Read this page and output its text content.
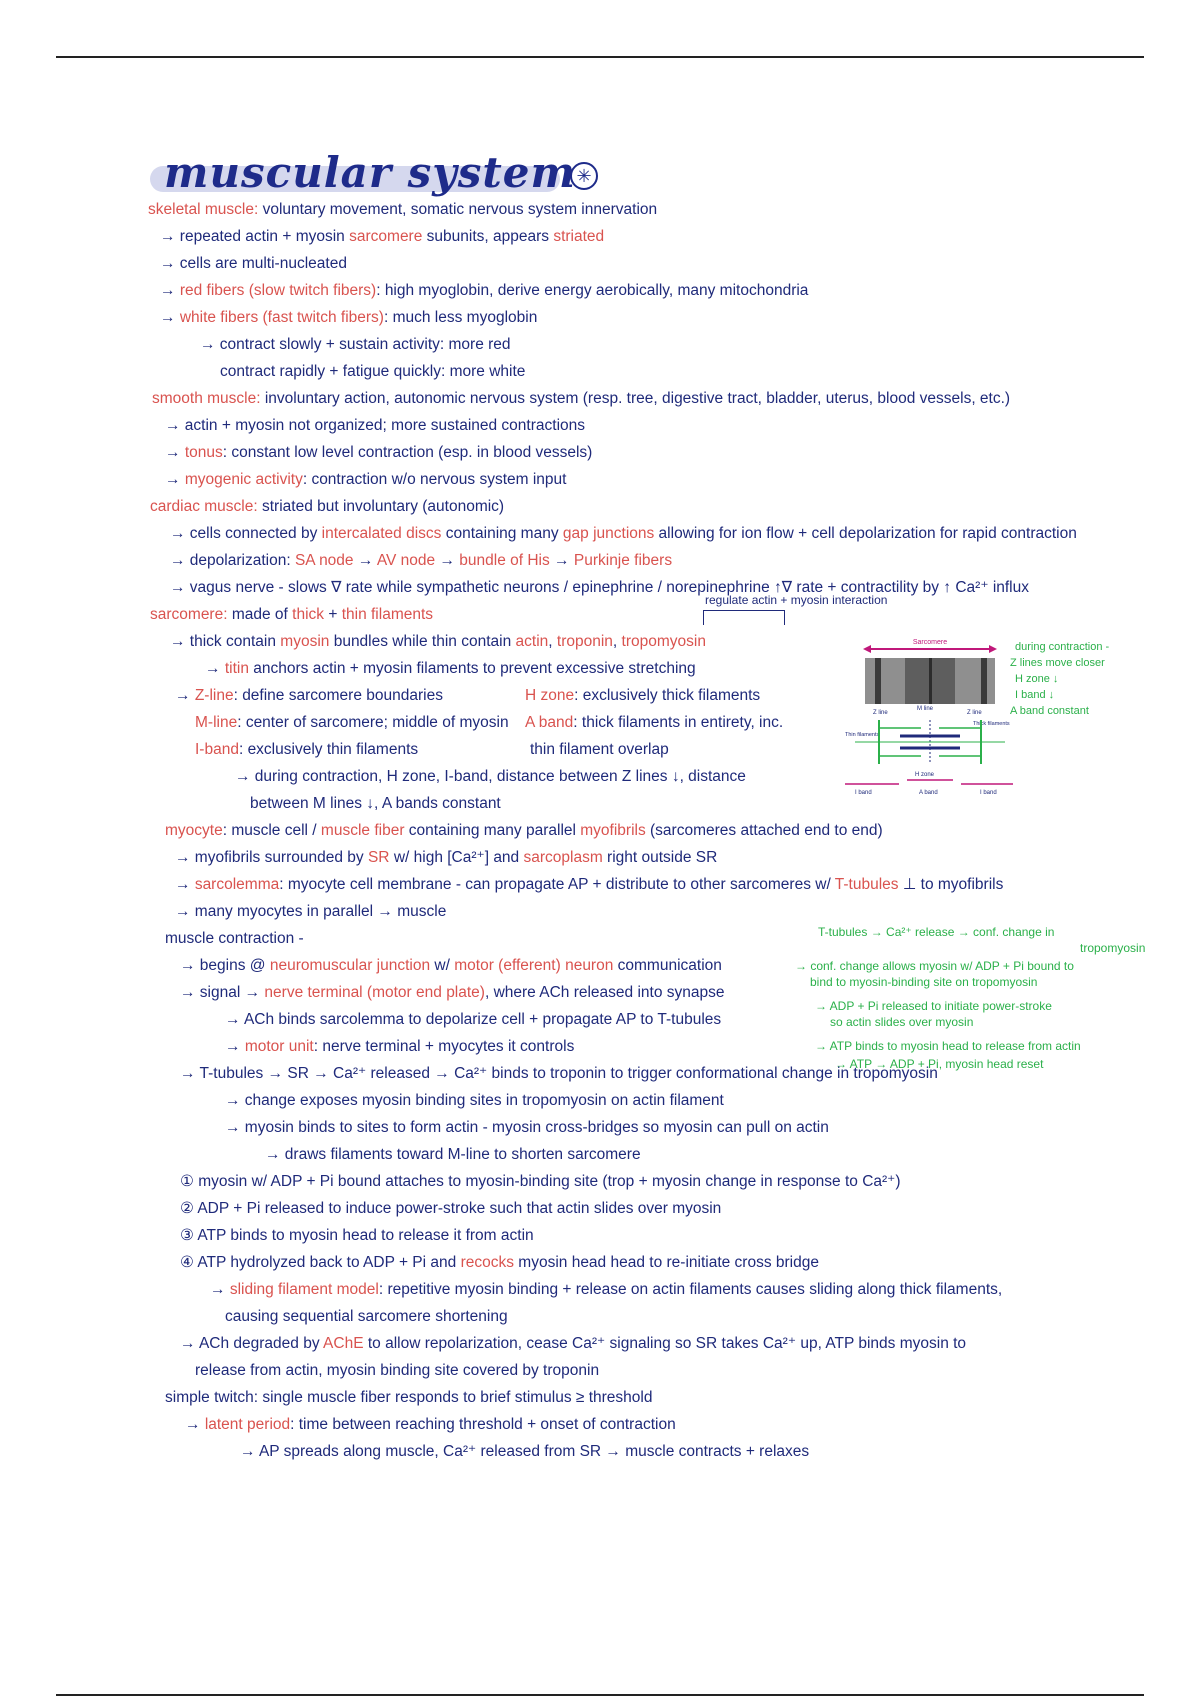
muscular system ✳
skeletal muscle: voluntary movement, somatic nervous system innervation
→ repeated actin + myosin sarcomere subunits, appears striated
→ cells are multi-nucleated
→ red fibers (slow twitch fibers): high myoglobin, derive energy aerobically, many mitochondria
→ white fibers (fast twitch fibers): much less myoglobin
→ contract slowly + sustain activity: more red
contract rapidly + fatigue quickly: more white
smooth muscle: involuntary action, autonomic nervous system (resp. tree, digestive tract, bladder, uterus, blood vessels, etc.)
→ actin + myosin not organized; more sustained contractions
→ tonus: constant low level contraction (esp. in blood vessels)
→ myogenic activity: contraction w/o nervous system input
cardiac muscle: striated but involuntary (autonomic)
→ cells connected by intercalated discs containing many gap junctions allowing for ion flow + cell depolarization for rapid contraction
→ depolarization: SA node → AV node → bundle of His → Purkinje fibers
→ vagus nerve - slows ∇ rate while sympathetic neurons / epinephrine / norepinephrine ↑∇ rate + contractility by ↑ Ca²⁺ influx
sarcomere: made of thick + thin filaments
→ thick contain myosin bundles while thin contain actin, troponin, tropomyosin
→ titin anchors actin + myosin filaments to prevent excessive stretching
→ Z-line: define sarcomere boundaries
M-line: center of sarcomere; middle of myosin
I-band: exclusively thin filaments
H zone: exclusively thick filaments
A band: thick filaments in entirety, inc.
thin filament overlap
→ during contraction, H zone, I-band, distance between Z lines ↓, distance
between M lines ↓, A bands constant
myocyte: muscle cell / muscle fiber containing many parallel myofibrils (sarcomeres attached end to end)
→ myofibrils surrounded by SR w/ high [Ca²⁺] and sarcoplasm right outside SR
→ sarcolemma: myocyte cell membrane - can propagate AP + distribute to other sarcomeres w/ T-tubules ⊥ to myofibrils
→ many myocytes in parallel → muscle
muscle contraction -
→ begins @ neuromuscular junction w/ motor (efferent) neuron communication
→ signal → nerve terminal (motor end plate), where ACh released into synapse
→ ACh binds sarcolemma to depolarize cell + propagate AP to T-tubules
→ motor unit: nerve terminal + myocytes it controls
→ T-tubules → SR → Ca²⁺ released → Ca²⁺ binds to troponin to trigger conformational change in tropomyosin
→ change exposes myosin binding sites in tropomyosin on actin filament
→ myosin binds to sites to form actin - myosin cross-bridges so myosin can pull on actin
→ draws filaments toward M-line to shorten sarcomere
① myosin w/ ADP + Pi bound attaches to myosin-binding site (trop + myosin change in response to Ca²⁺)
② ADP + Pi released to induce power-stroke such that actin slides over myosin
③ ATP binds to myosin head to release it from actin
④ ATP hydrolyzed back to ADP + Pi and recocks myosin head head to re-initiate cross bridge
→ sliding filament model: repetitive myosin binding + release on actin filaments causes sliding along thick filaments,
causing sequential sarcomere shortening
→ ACh degraded by AChE to allow repolarization, cease Ca²⁺ signaling so SR takes Ca²⁺ up, ATP binds myosin to
release from actin, myosin binding site covered by troponin
simple twitch: single muscle fiber responds to brief stimulus ≥ threshold
→ latent period: time between reaching threshold + onset of contraction
→ AP spreads along muscle, Ca²⁺ released from SR → muscle contracts + relaxes
regulate actin + myosin interaction
Sarcomere
Z line
M line
Z line
Thin filaments
Thick filaments
H zone
I band	A band	I band
during contraction -
Z lines move closer
H zone ↓
I band ↓
A band constant
T-tubules → Ca²⁺ release → conf. change in
tropomyosin
→ conf. change allows myosin w/ ADP + Pi bound to
bind to myosin-binding site on tropomyosin
→ ADP + Pi released to initiate power-stroke
so actin slides over myosin
→ ATP binds to myosin head to release from actin
→ ATP → ADP + Pi, myosin head reset
